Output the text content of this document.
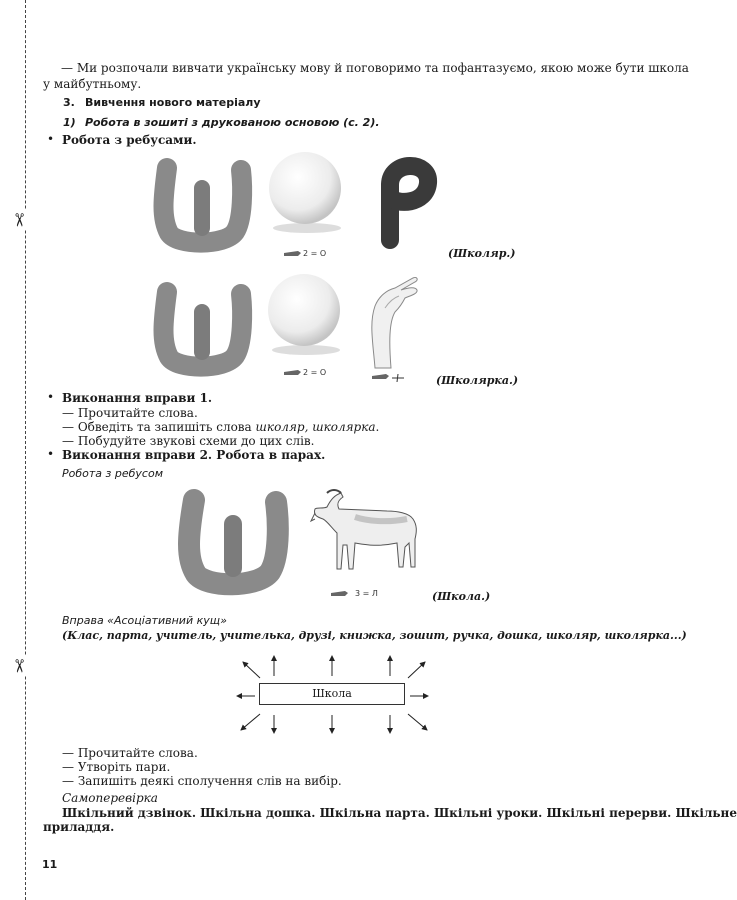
✂
✂
— Ми розпочали вивчати українську мову й поговоримо та пофантазуємо, якою може бути школа
у майбутньому.
3. Вивчення нового матеріалу
1) Робота в зошиті з друкованою основою (с. 2).
• Робота з ребусами.
2 = О	(Школяр.)
2 = О
(Школярка.)
• Виконання вправи 1.
— Прочитайте слова.
— Обведіть та запишіть слова школяр, школярка.
— Побудуйте звукові схеми до цих слів.
• Виконання вправи 2. Робота в парах.
Робота з ребусом
3 = Л	(Школа.)
Вправа «Асоціативний кущ»
(Клас, парта, учитель, учителька, друзі, книжка, зошит, ручка, дошка, школяр, школярка...)
Школа
— Прочитайте слова.
— Утворіть пари.
— Запишіть деякі сполучення слів на вибір.
Самоперевірка
Шкільний дзвінок. Шкільна дошка. Шкільна парта. Шкільні уроки. Шкільні перерви. Шкільне
приладдя.
11
